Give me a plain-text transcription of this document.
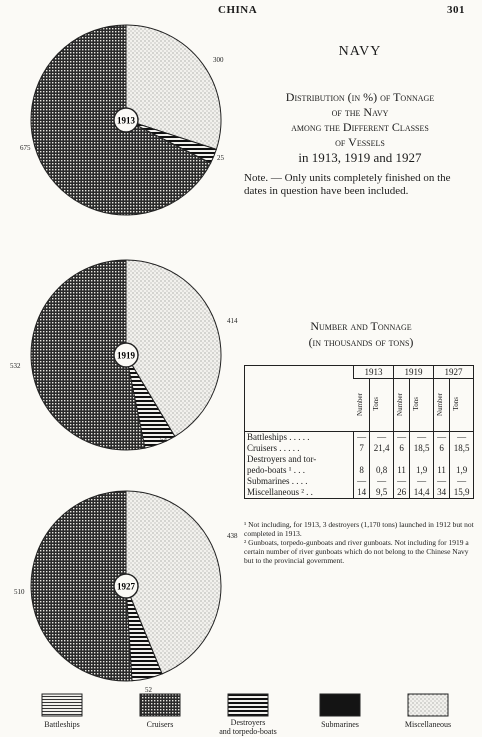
CHINA	301
NAVY
Distribution (in %) of Tonnage
of the Navy
among the Different Classes
of Vessels
in 1913, 1919 and 1927
Note. — Only units completely finished on the dates in question have been included.
Number and Tonnage
(in thousands of tons)
	1913		1919		1927	
	Number	Tons	Number	Tons	Number	Tons
Battleships . . . . .	—	—	—	—	—	—
Cruisers . . . . .	7	21,4	6	18,5	6	18,5
Destroyers and tor-						
pedo-boats ¹ . . .	8	0,8	11	1,9	11	1,9
Submarines . . . .	—	—	—	—	—	—
Miscellaneous ² . .	14	9,5	26	14,4	34	15,9
¹ Not including, for 1913, 3 destroyers (1,170 tons) launched in 1912 but not completed in 1913.
² Gunboats, torpedo-gunboats and river gunboats. Not including for 1919 a certain number of river gunboats which do not belong to the Chinese Navy but to the provincial government.
300
25
675
1913
414
54
532
1919
438
52
510
1927
Battleships	Cruisers	Destroyers
and torpedo-boats
Submarines	Miscellaneous
